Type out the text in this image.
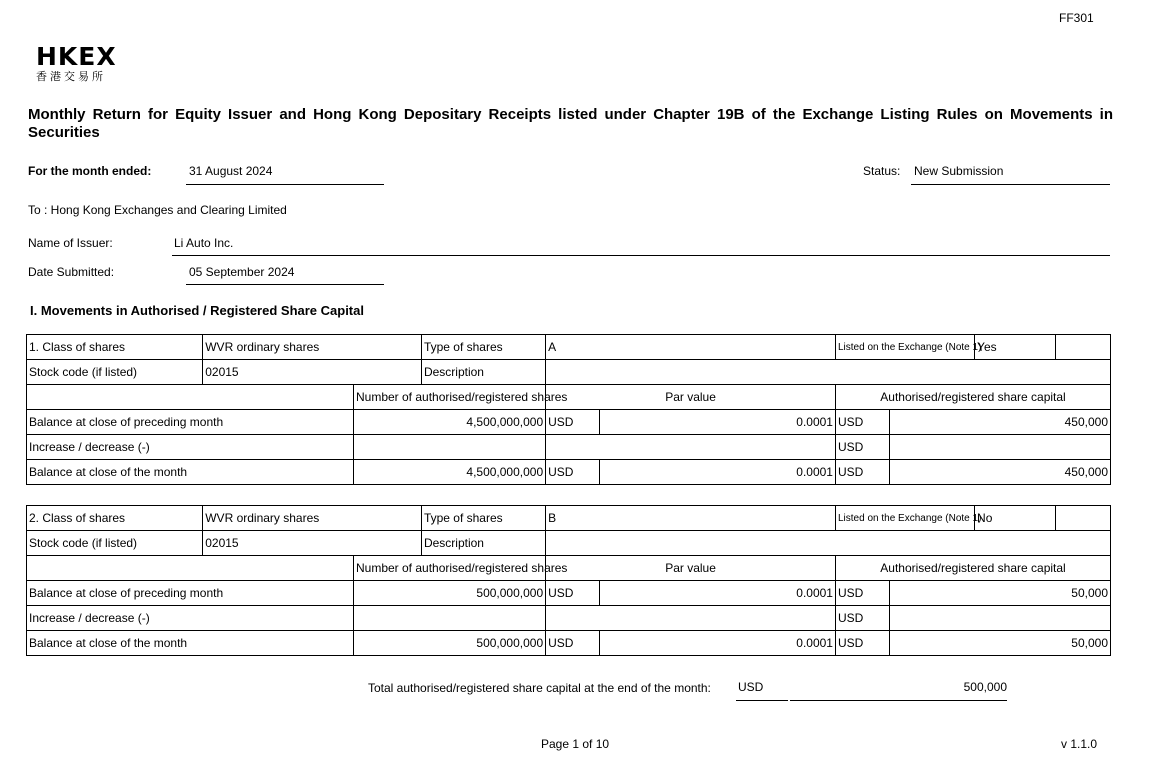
FF301
HKEX
香港交易所
Monthly Return for Equity Issuer and Hong Kong Depositary Receipts listed under Chapter 19B of the Exchange Listing Rules on Movements in Securities
For the month ended:	31 August 2024	Status: New Submission
To : Hong Kong Exchanges and Clearing Limited
Name of Issuer:	Li Auto Inc.
Date Submitted:	05 September 2024
I. Movements in Authorised / Registered Share Capital
1. Class of shares	WVR ordinary shares		Type of shares	A		Listed on the Exchange (Note 1)		Yes

Stock code (if listed)	02015		Description					
		Number of authorised/registered shares		Par value		Authorised/registered share capital		
Balance at close of preceding month		4,500,000,000		USD	0.0001	USD	450,000	
Increase / decrease (-)						USD		
Balance at close of the month		4,500,000,000		USD	0.0001	USD	450,000	
2. Class of shares	WVR ordinary shares		Type of shares	B		Listed on the Exchange (Note 1)		No

Stock code (if listed)	02015		Description					
		Number of authorised/registered shares		Par value		Authorised/registered share capital		
Balance at close of preceding month		500,000,000		USD	0.0001	USD	50,000	
Increase / decrease (-)						USD		
Balance at close of the month		500,000,000		USD	0.0001	USD	50,000	
Total authorised/registered share capital at the end of the month: USD	500,000
Page 1 of 10	v 1.1.0
